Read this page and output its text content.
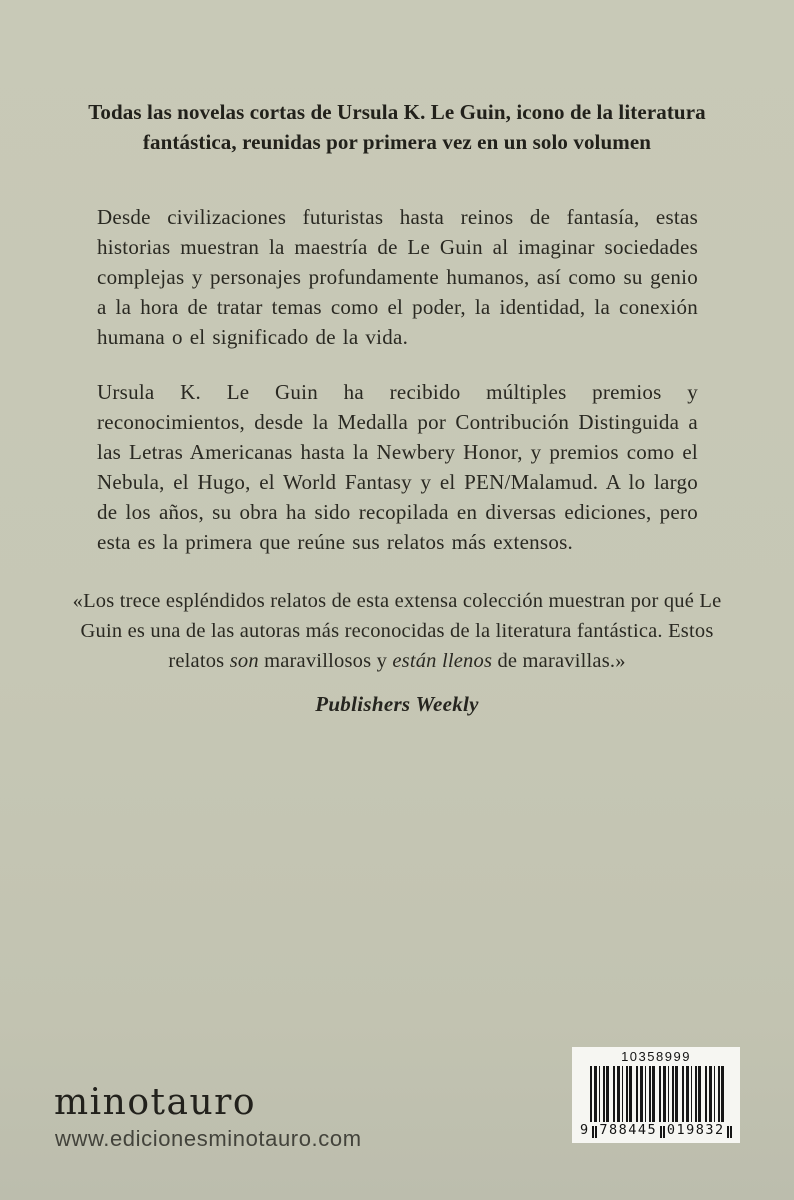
Todas las novelas cortas de Ursula K. Le Guin, icono de la literatura fantástica, reunidas por primera vez en un solo volumen

Desde civilizaciones futuristas hasta reinos de fantasía, estas historias muestran la maestría de Le Guin al imaginar sociedades complejas y personajes profundamente humanos, así como su genio a la hora de tratar temas como el poder, la identidad, la conexión humana o el significado de la vida.

Ursula K. Le Guin ha recibido múltiples premios y reconocimientos, desde la Medalla por Contribución Distinguida a las Letras Americanas hasta la Newbery Honor, y premios como el Nebula, el Hugo, el World Fantasy y el PEN/Malamud. A lo largo de los años, su obra ha sido recopilada en diversas ediciones, pero esta es la primera que reúne sus relatos más extensos.

«Los trece espléndidos relatos de esta extensa colección muestran por qué Le Guin es una de las autoras más reconocidas de la literatura fantástica. Estos relatos son maravillosos y están llenos de maravillas.»
Publishers Weekly
minotauro
www.edicionesminotauro.com
10358999
9 788445 019832
